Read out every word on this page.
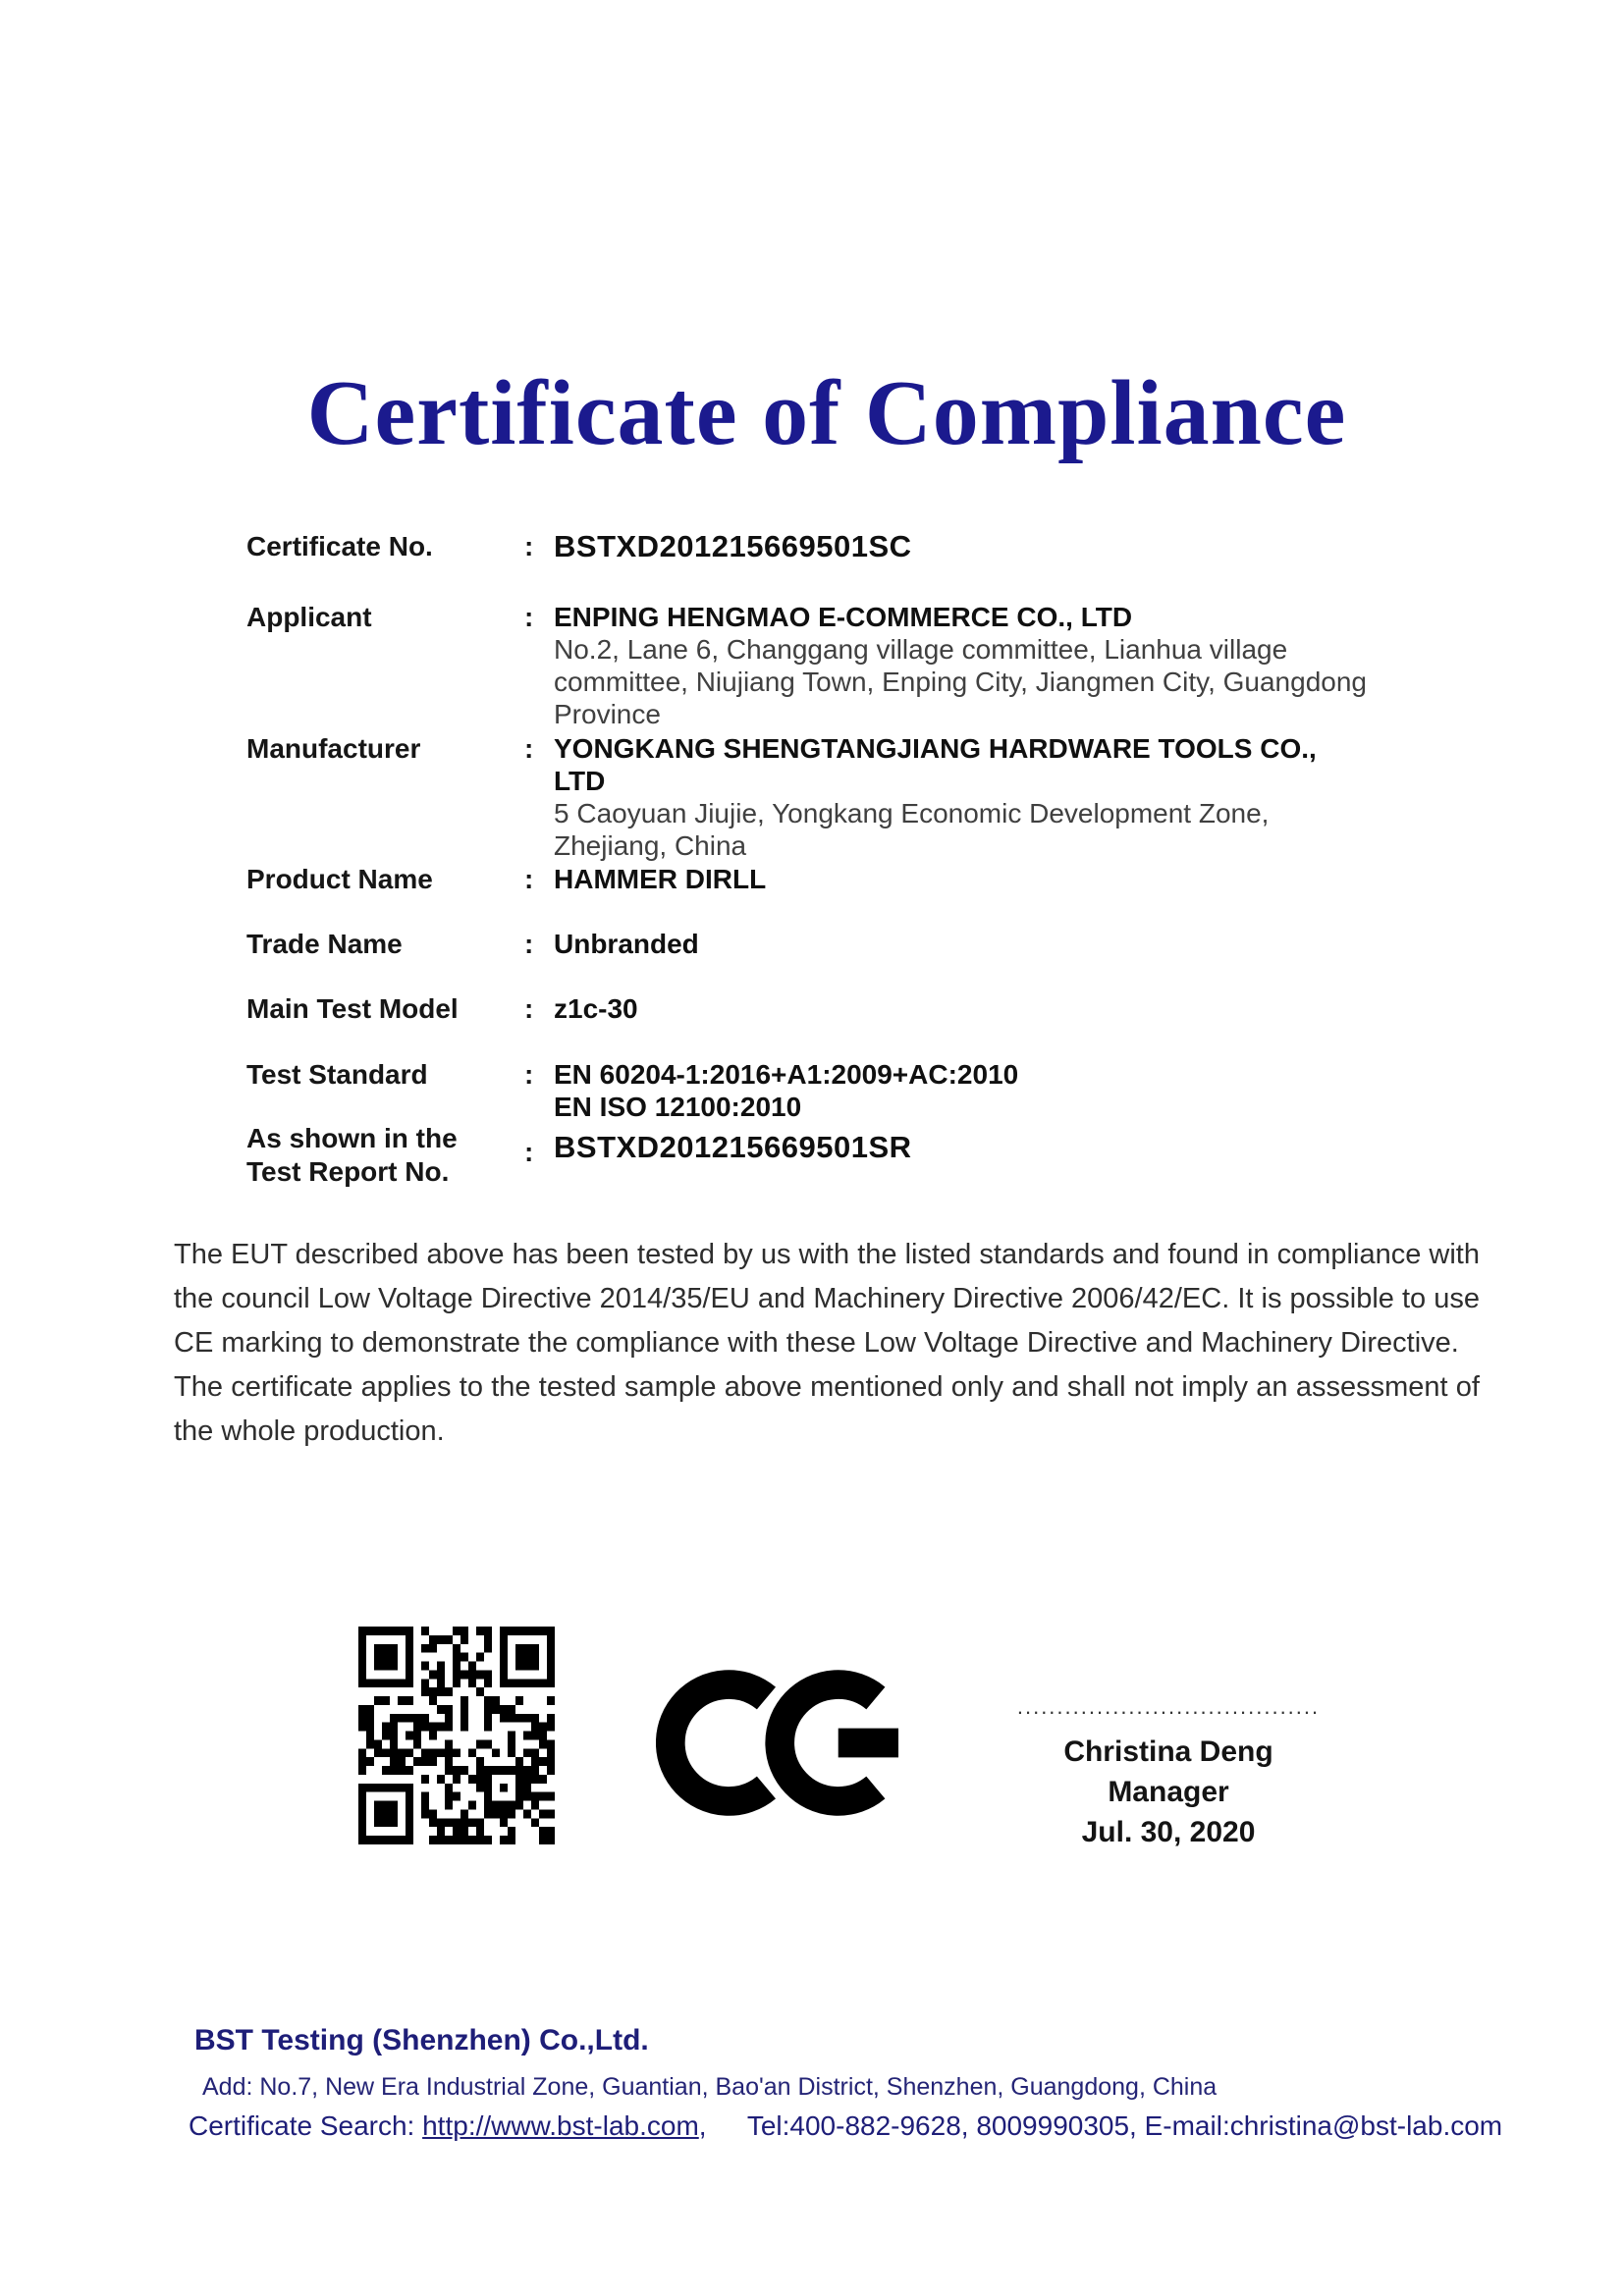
Certificate of Compliance
Certificate No.	: BSTXD201215669501SC
Applicant	: ENPING HENGMAO E-COMMERCE CO., LTD
No.2, Lane 6, Changgang village committee, Lianhua village
committee, Niujiang Town, Enping City, Jiangmen City, Guangdong
Province
Manufacturer	: YONGKANG SHENGTANGJIANG HARDWARE TOOLS CO.,
LTD
5 Caoyuan Jiujie, Yongkang Economic Development Zone,
Zhejiang, China
Product Name	: HAMMER DIRLL
Trade Name	: Unbranded
Main Test Model	: z1c-30
Test Standard	: EN 60204-1:2016+A1:2009+AC:2010
EN ISO 12100:2010
As shown in the
Test Report No.
: BSTXD201215669501SR
The EUT described above has been tested by us with the listed standards and found in compliance with the council Low Voltage Directive 2014/35/EU and Machinery Directive 2006/42/EC. It is possible to use CE marking to demonstrate the compliance with these Low Voltage Directive and Machinery Directive.
The certificate applies to the tested sample above mentioned only and shall not imply an assessment of the whole production.
......................................
Christina Deng
Manager
Jul. 30, 2020
BST Testing (Shenzhen) Co.,Ltd.
Add: No.7, New Era Industrial Zone, Guantian, Bao'an District, Shenzhen, Guangdong, China
Certificate Search: http://www.bst-lab.com, Tel:400-882-9628, 8009990305, E-mail:christina@bst-lab.com
